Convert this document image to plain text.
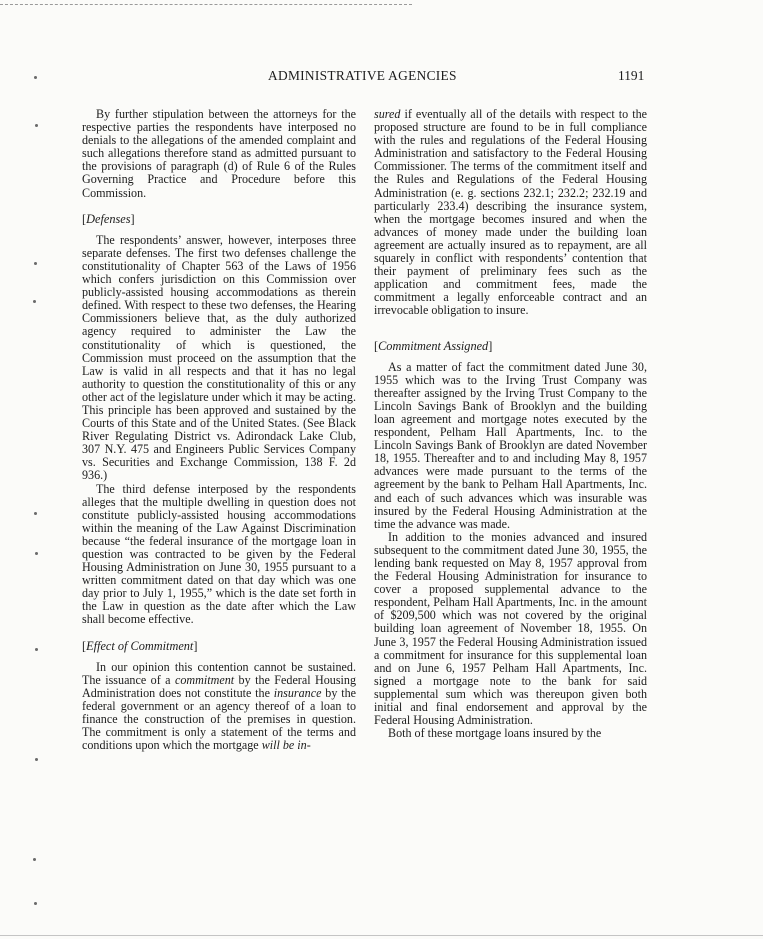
ADMINISTRATIVE AGENCIES	1191

By further stipulation between the attorneys for the respective parties the respondents have interposed no denials to the allegations of the amended complaint and such allegations therefore stand as admitted pursuant to the provisions of paragraph (d) of Rule 6 of the Rules Governing Practice and Procedure before this Commission.

[Defenses]

The respondents’ answer, however, interposes three separate defenses. The first two defenses challenge the constitutionality of Chapter 563 of the Laws of 1956 which confers jurisdiction on this Commission over publicly-assisted housing accommodations as therein defined. With respect to these two defenses, the Hearing Commissioners believe that, as the duly authorized agency required to administer the Law the constitutionality of which is questioned, the Commission must proceed on the assumption that the Law is valid in all respects and that it has no legal authority to question the constitutionality of this or any other act of the legislature under which it may be acting. This principle has been approved and sustained by the Courts of this State and of the United States. (See Black River Regulating District vs. Adirondack Lake Club, 307 N.Y. 475 and Engineers Public Services Company vs. Securities and Exchange Commission, 138 F. 2d 936.)

The third defense interposed by the respondents alleges that the multiple dwelling in question does not constitute publicly-assisted housing accommodations within the meaning of the Law Against Discrimination because “the federal insurance of the mortgage loan in question was contracted to be given by the Federal Housing Administration on June 30, 1955 pursuant to a written commitment dated on that day which was one day prior to July 1, 1955,” which is the date set forth in the Law in question as the date after which the Law shall become effective.

[Effect of Commitment]

In our opinion this contention cannot be sustained. The issuance of a commitment by the Federal Housing Administration does not constitute the insurance by the federal government or an agency thereof of a loan to finance the construction of the premises in question. The commitment is only a statement of the terms and conditions upon which the mortgage will be in-

sured if eventually all of the details with respect to the proposed structure are found to be in full compliance with the rules and regulations of the Federal Housing Administration and satisfactory to the Federal Housing Commissioner. The terms of the commitment itself and the Rules and Regulations of the Federal Housing Administration (e. g. sections 232.1; 232.2; 232.19 and particularly 233.4) describing the insurance system, when the mortgage becomes insured and when the advances of money made under the building loan agreement are actually insured as to repayment, are all squarely in conflict with respondents’ contention that their payment of preliminary fees such as the application and commitment fees, made the commitment a legally enforceable contract and an irrevocable obligation to insure.

[Commitment Assigned]

As a matter of fact the commitment dated June 30, 1955 which was to the Irving Trust Company was thereafter assigned by the Irving Trust Company to the Lincoln Savings Bank of Brooklyn and the building loan agreement and mortgage notes executed by the respondent, Pelham Hall Apartments, Inc. to the Lincoln Savings Bank of Brooklyn are dated November 18, 1955. Thereafter and to and including May 8, 1957 advances were made pursuant to the terms of the agreement by the bank to Pelham Hall Apartments, Inc. and each of such advances which was insurable was insured by the Federal Housing Administration at the time the advance was made.

In addition to the monies advanced and insured subsequent to the commitment dated June 30, 1955, the lending bank requested on May 8, 1957 approval from the Federal Housing Administration for insurance to cover a proposed supplemental advance to the respondent, Pelham Hall Apartments, Inc. in the amount of $209,500 which was not covered by the original building loan agreement of November 18, 1955. On June 3, 1957 the Federal Housing Administration issued a commitment for insurance for this supplemental loan and on June 6, 1957 Pelham Hall Apartments, Inc. signed a mortgage note to the bank for said supplemental sum which was thereupon given both initial and final endorsement and approval by the Federal Housing Administration.

Both of these mortgage loans insured by the
